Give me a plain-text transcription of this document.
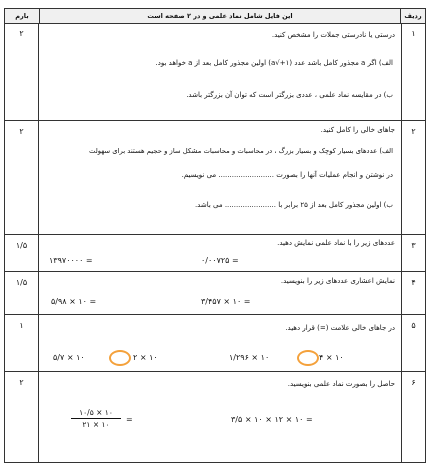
ردیف
این فایل شامل نماد علمی و در ۲ صفحه است
بارم
۱
۲	درستی یا نادرستی جملات را مشخص کنید.
الف) اگر a مجذور کامل باشد عدد (۱+√a) اولین مجذور کامل بعد از a خواهد بود.
ب) در مقایسه نماد علمی ، عددی بزرگتر است که توان آن بزرگتر باشد.
۲
۲	جاهای خالی را کامل کنید.
الف) عددهای بسیار کوچک و بسیار بزرگ ، در محاسبات و محاسبات مشکل ساز و حجیم هستند برای سهولت
در نوشتن و انجام عملیات آنها را بصورت ......................... می نویسیم.
ب) اولین مجذور کامل بعد از ۲۵ برابر با ....................... می باشد.
۳
۱/۵	عددهای زیر را با نماد علمی نمایش دهید.
۰/۰۰۷۲۵ =
۱۳۹۷۰۰۰۰ =
۴
۱/۵	نمایش اعشاری عددهای زیر را بنویسید.
۳/۴۵۷ × ۱۰ =
۵/۹۸ × ۱۰ =
۵
۱	در جاهای خالی علامت (=) قرار دهید.
۴ × ۱۰
۱/۲۹۶ × ۱۰
۲ × ۱۰
۵/۷ × ۱۰
۶
۲	حاصل را بصورت نماد علمی بنویسید.
۳/۵ × ۱۰ × ۱۲ × ۱۰ =
۱۰/۵ × ۱۰
۲۱ × ۱۰
=
